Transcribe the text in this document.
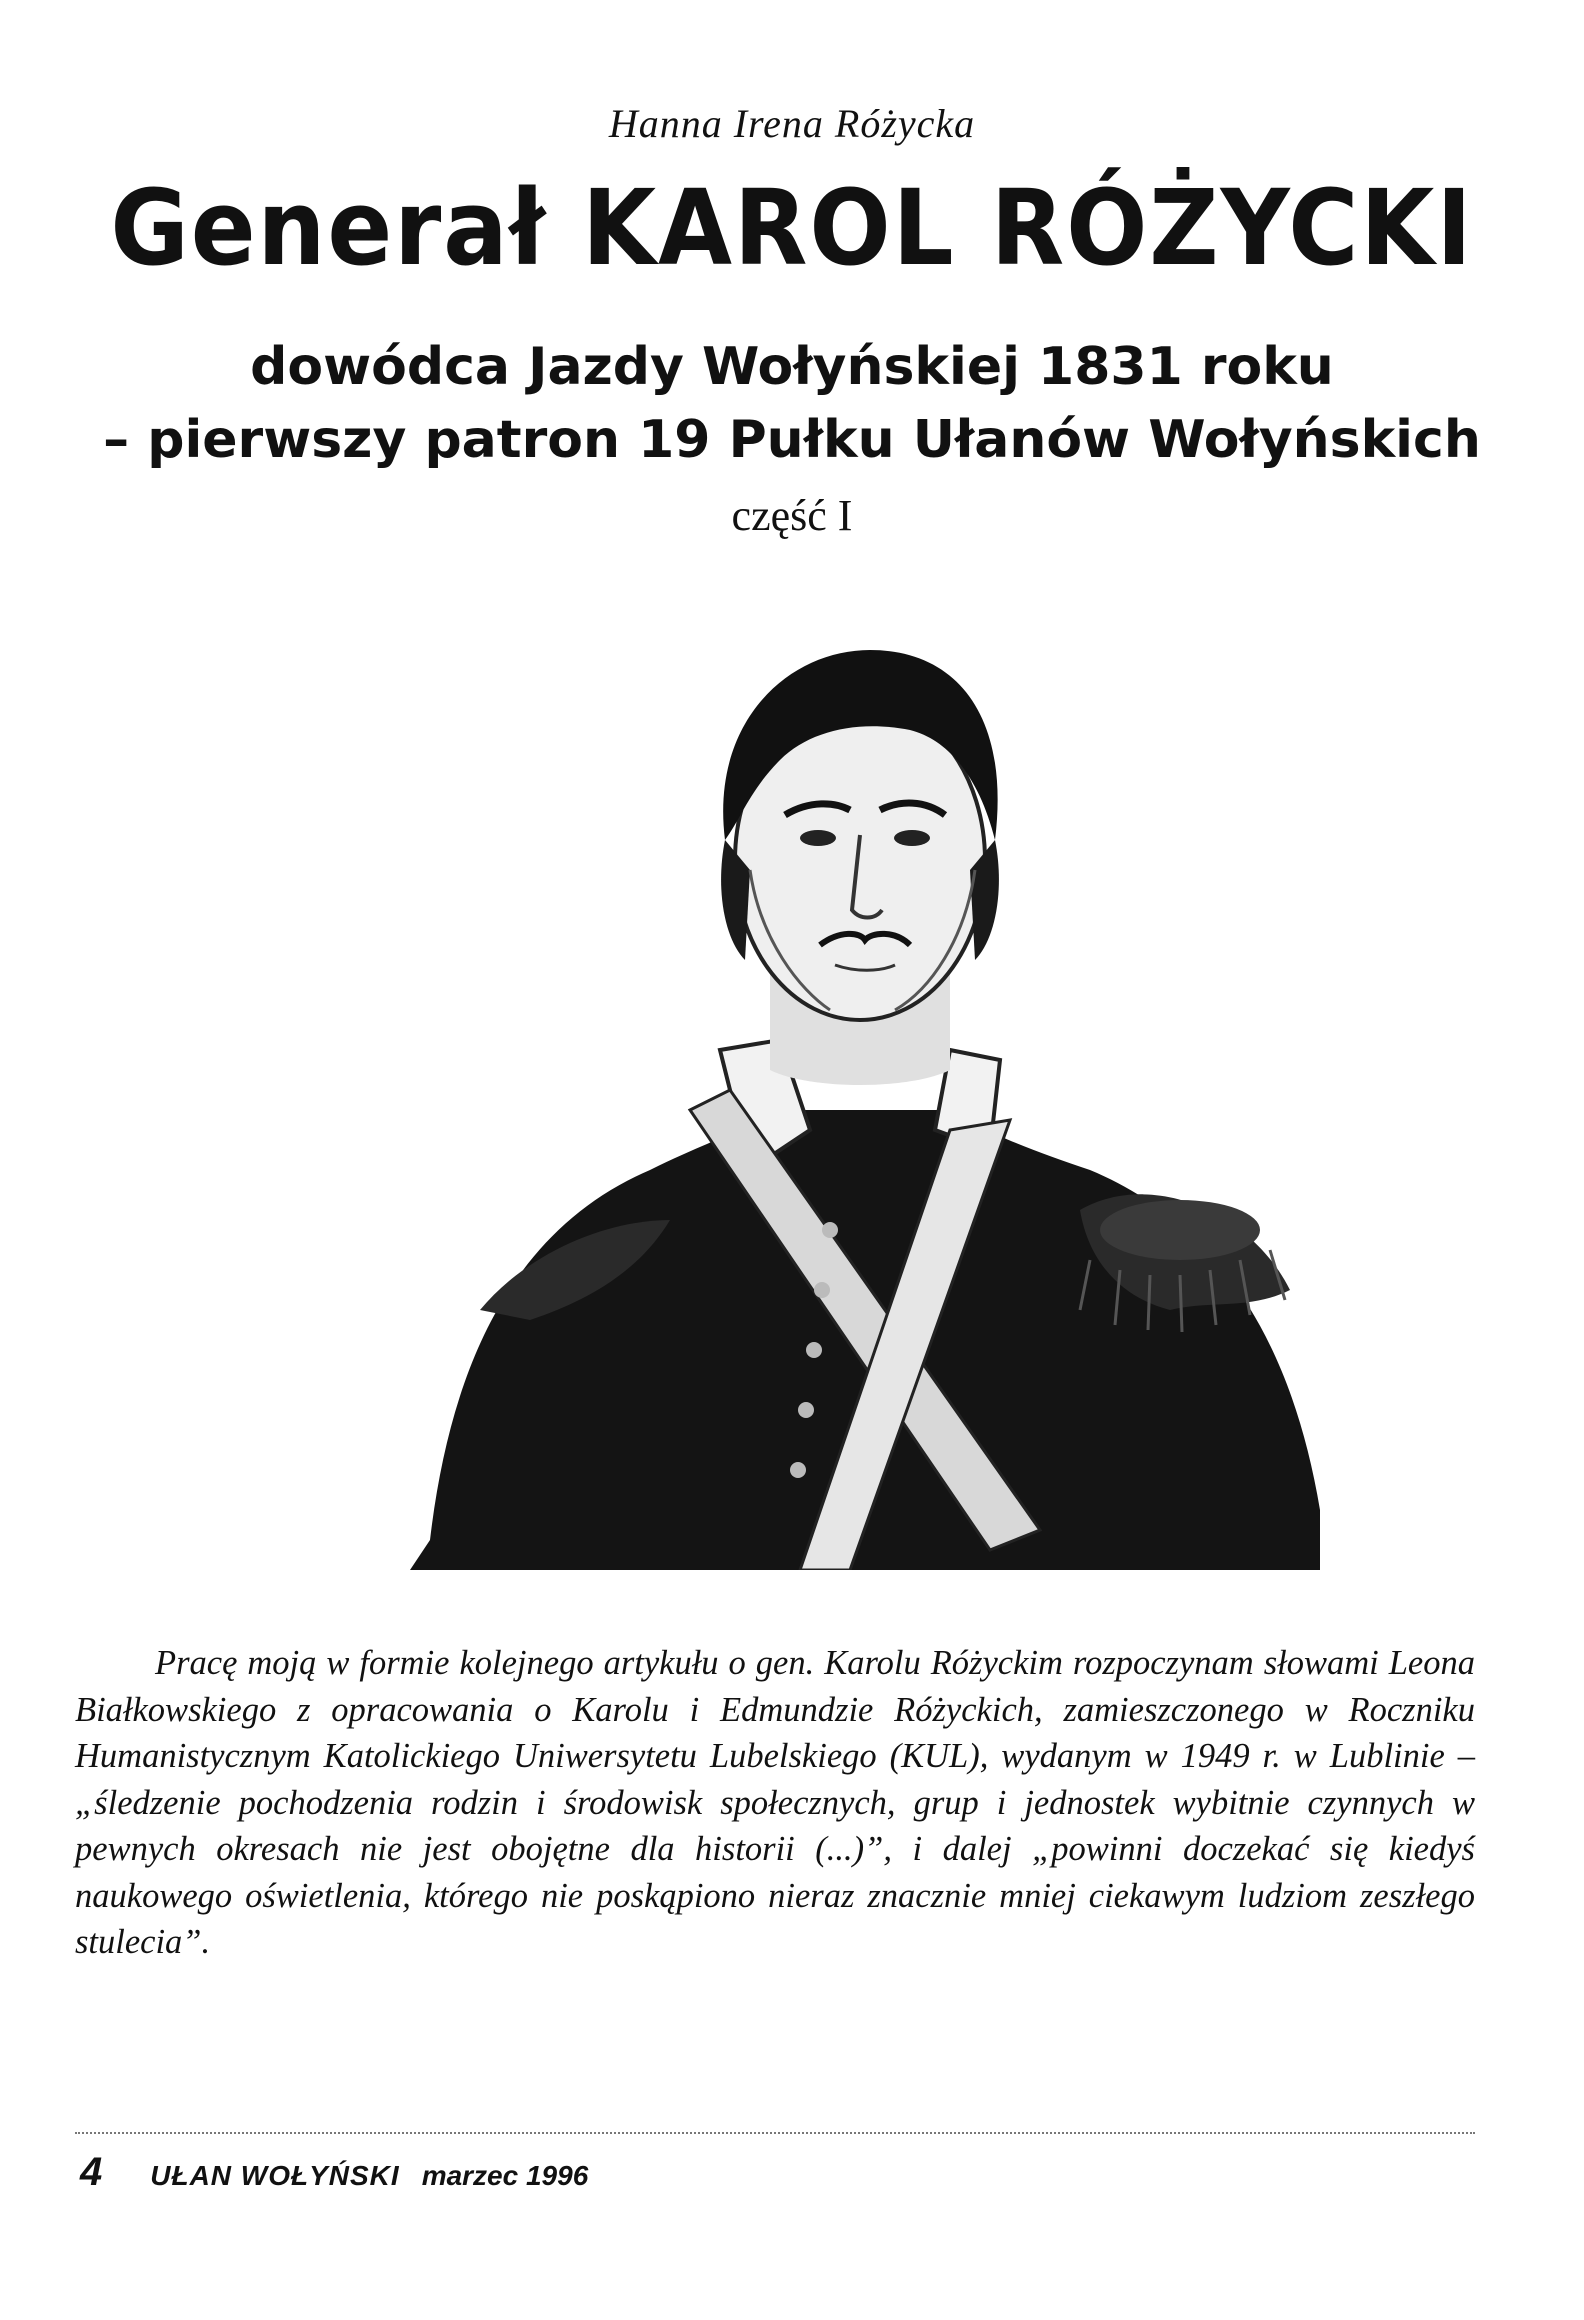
Hanna Irena Różycka
Generał KAROL RÓŻYCKI
dowódca Jazdy Wołyńskiej 1831 roku
– pierwszy patron 19 Pułku Ułanów Wołyńskich
część I

Pracę moją w formie kolejnego artykułu o gen. Karolu Różyckim rozpoczynam słowami Leona Białkowskiego z opracowania o Karolu i Edmundzie Różyckich, zamieszczonego w Roczniku Humanistycznym Katolickiego Uniwersytetu Lubelskiego (KUL), wydanym w 1949 r. w Lublinie – „śledzenie pochodzenia rodzin i środowisk społecznych, grup i jednostek wybitnie czynnych w pewnych okresach nie jest obojętne dla historii (...)”, i dalej „powinni doczekać się kiedyś naukowego oświetlenia, którego nie poskąpiono nieraz znacznie mniej ciekawym ludziom zeszłego stulecia”.

4 UŁAN WOŁYŃSKI marzec 1996
